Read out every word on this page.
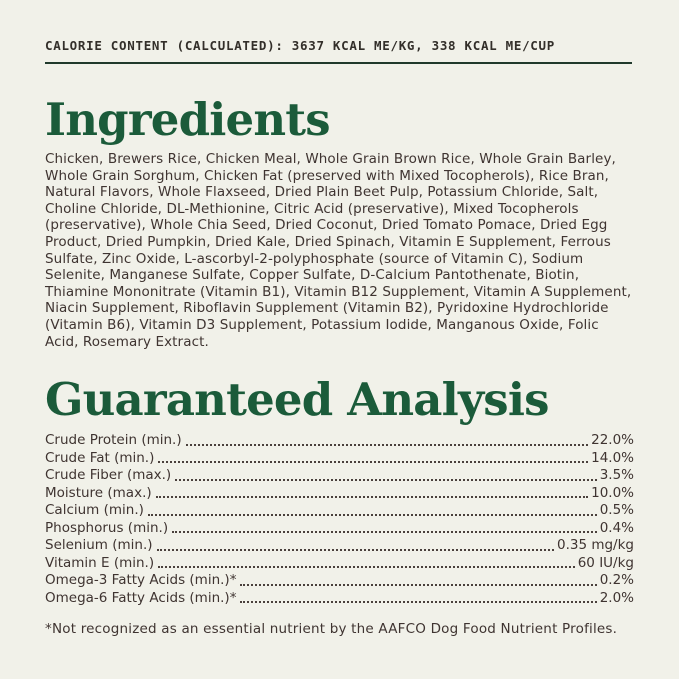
CALORIE CONTENT (CALCULATED): 3637 KCAL ME/KG, 338 KCAL ME/CUP
Ingredients

Chicken, Brewers Rice, Chicken Meal, Whole Grain Brown Rice, Whole Grain Barley, Whole Grain Sorghum, Chicken Fat (preserved with Mixed Tocopherols), Rice Bran, Natural Flavors, Whole Flaxseed, Dried Plain Beet Pulp, Potassium Chloride, Salt, Choline Chloride, DL-Methionine, Citric Acid (preservative), Mixed Tocopherols (preservative), Whole Chia Seed, Dried Coconut, Dried Tomato Pomace, Dried Egg Product, Dried Pumpkin, Dried Kale, Dried Spinach, Vitamin E Supplement, Ferrous Sulfate, Zinc Oxide, L-ascorbyl-2-polyphosphate (source of Vitamin C), Sodium Selenite, Manganese Sulfate, Copper Sulfate, D-Calcium Pantothenate, Biotin, Thiamine Mononitrate (Vitamin B1), Vitamin B12 Supplement, Vitamin A Supplement, Niacin Supplement, Riboflavin Supplement (Vitamin B2), Pyridoxine Hydrochloride (Vitamin B6), Vitamin D3 Supplement, Potassium Iodide, Manganous Oxide, Folic Acid, Rosemary Extract.

Guaranteed Analysis
Crude Protein (min.)	22.0%
Crude Fat (min.)	14.0%
Crude Fiber (max.)	3.5%
Moisture (max.)	10.0%
Calcium (min.)	0.5%
Phosphorus (min.)	0.4%
Selenium (min.)	0.35 mg/kg
Vitamin E (min.)	60 IU/kg
Omega-3 Fatty Acids (min.)*	0.2%
Omega-6 Fatty Acids (min.)*	2.0%

*Not recognized as an essential nutrient by the AAFCO Dog Food Nutrient Profiles.
